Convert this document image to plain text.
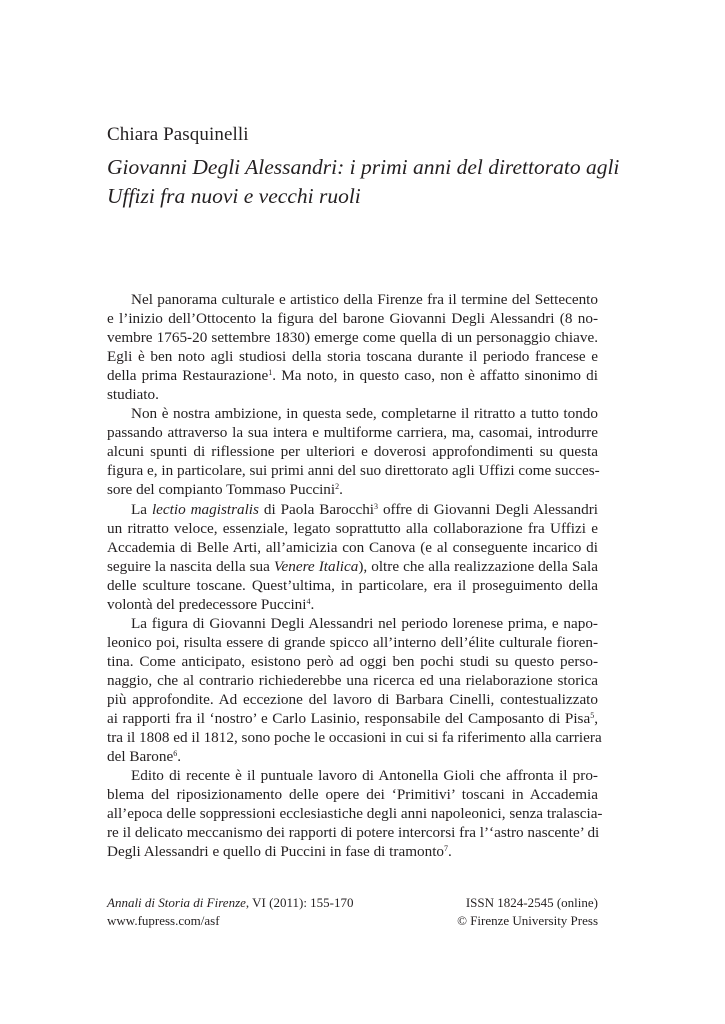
Chiara Pasquinelli
Giovanni Degli Alessandri: i primi anni del direttorato agli
Uffizi fra nuovi e vecchi ruoli
Nel panorama culturale e artistico della Firenze fra il termine del Settecento
e l’inizio dell’Ottocento la figura del barone Giovanni Degli Alessandri (8 no-
vembre 1765-20 settembre 1830) emerge come quella di un personaggio chiave.
Egli è ben noto agli studiosi della storia toscana durante il periodo francese e
della prima Restaurazione$^1$. Ma noto, in questo caso, non è affatto sinonimo di
studiato.
Non è nostra ambizione, in questa sede, completarne il ritratto a tutto tondo
passando attraverso la sua intera e multiforme carriera, ma, casomai, introdurre
alcuni spunti di riflessione per ulteriori e doverosi approfondimenti su questa
figura e, in particolare, sui primi anni del suo direttorato agli Uffizi come succes-
sore del compianto Tommaso Puccini$^2$.
La lectio magistralis di Paola Barocchi$^3$ offre di Giovanni Degli Alessandri
un ritratto veloce, essenziale, legato soprattutto alla collaborazione fra Uffizi e
Accademia di Belle Arti, all’amicizia con Canova (e al conseguente incarico di
seguire la nascita della sua Venere Italica), oltre che alla realizzazione della Sala
delle sculture toscane. Quest’ultima, in particolare, era il proseguimento della
volontà del predecessore Puccini$^4$.
La figura di Giovanni Degli Alessandri nel periodo lorenese prima, e napo-
leonico poi, risulta essere di grande spicco all’interno dell’élite culturale fioren-
tina. Come anticipato, esistono però ad oggi ben pochi studi su questo perso-
naggio, che al contrario richiederebbe una ricerca ed una rielaborazione storica
più approfondite. Ad eccezione del lavoro di Barbara Cinelli, contestualizzato
ai rapporti fra il ‘nostro’ e Carlo Lasinio, responsabile del Camposanto di Pisa$^5$,
tra il 1808 ed il 1812, sono poche le occasioni in cui si fa riferimento alla carriera
del Barone$^6$.
Edito di recente è il puntuale lavoro di Antonella Gioli che affronta il pro-
blema del riposizionamento delle opere dei ‘Primitivi’ toscani in Accademia
all’epoca delle soppressioni ecclesiastiche degli anni napoleonici, senza tralascia-
re il delicato meccanismo dei rapporti di potere intercorsi fra l’‘astro nascente’ di
Degli Alessandri e quello di Puccini in fase di tramonto$^7$.
Annali di Storia di Firenze, VI (2011): 155-170
www.fupress.com/asf
ISSN 1824-2545 (online)
© Firenze University Press
